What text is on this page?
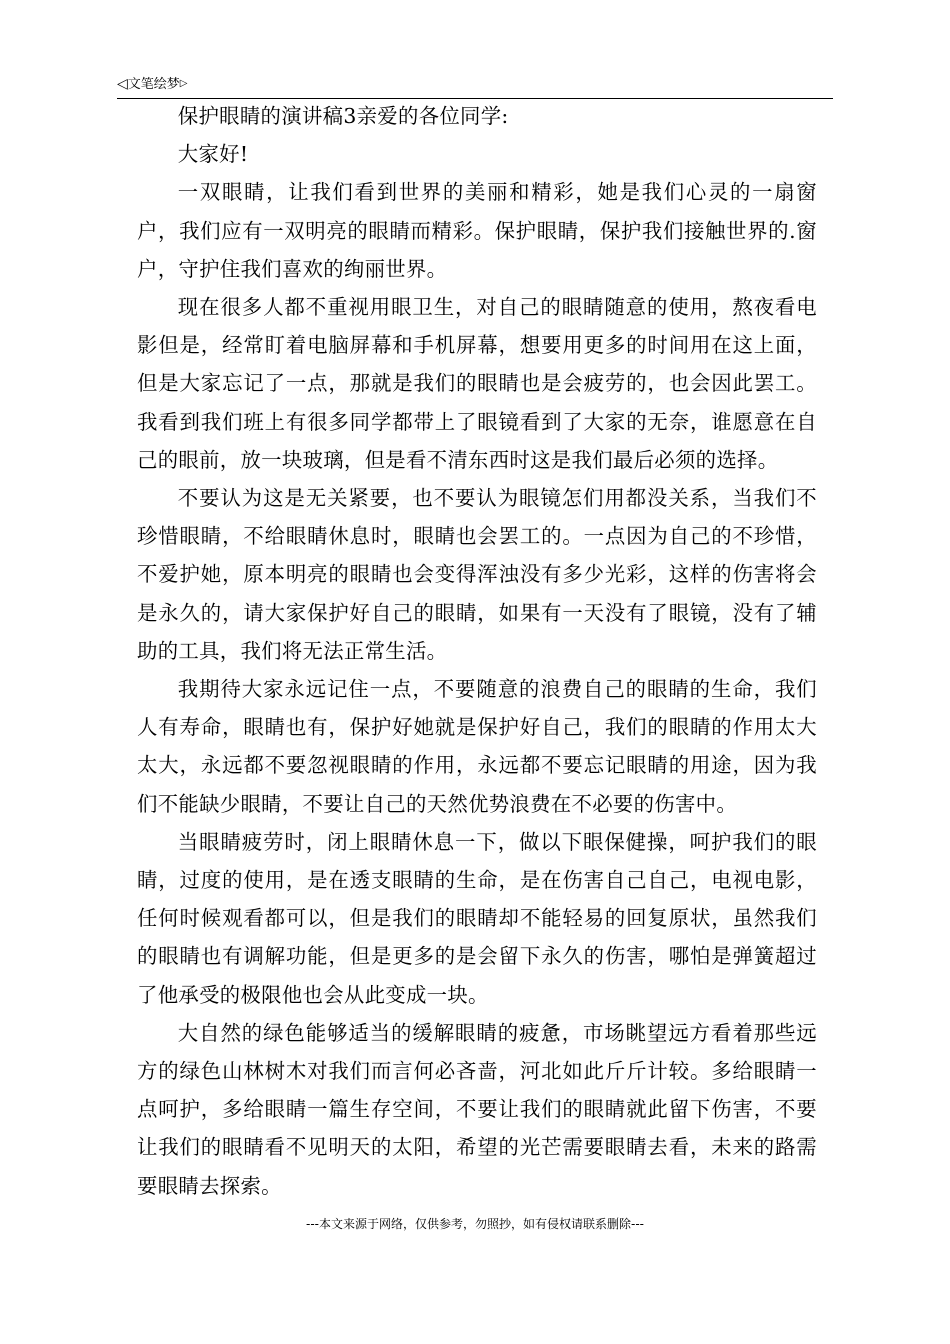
◁文笔绘梦▷

保护眼睛的演讲稿3亲爱的各位同学:

大家好!

一双眼睛，让我们看到世界的美丽和精彩，她是我们心灵的一扇窗户，我们应有一双明亮的眼睛而精彩。保护眼睛，保护我们接触世界的.窗户，守护住我们喜欢的绚丽世界。

现在很多人都不重视用眼卫生，对自己的眼睛随意的使用，熬夜看电影但是，经常盯着电脑屏幕和手机屏幕，想要用更多的时间用在这上面，但是大家忘记了一点，那就是我们的眼睛也是会疲劳的，也会因此罢工。我看到我们班上有很多同学都带上了眼镜看到了大家的无奈，谁愿意在自己的眼前，放一块玻璃，但是看不清东西时这是我们最后必须的选择。

不要认为这是无关紧要，也不要认为眼镜怎们用都没关系，当我们不珍惜眼睛，不给眼睛休息时，眼睛也会罢工的。一点因为自己的不珍惜，不爱护她，原本明亮的眼睛也会变得浑浊没有多少光彩，这样的伤害将会是永久的，请大家保护好自己的眼睛，如果有一天没有了眼镜，没有了辅助的工具，我们将无法正常生活。

我期待大家永远记住一点，不要随意的浪费自己的眼睛的生命，我们人有寿命，眼睛也有，保护好她就是保护好自己，我们的眼睛的作用太大太大，永远都不要忽视眼睛的作用，永远都不要忘记眼睛的用途，因为我们不能缺少眼睛，不要让自己的天然优势浪费在不必要的伤害中。

当眼睛疲劳时，闭上眼睛休息一下，做以下眼保健操，呵护我们的眼睛，过度的使用，是在透支眼睛的生命，是在伤害自己自己，电视电影，任何时候观看都可以，但是我们的眼睛却不能轻易的回复原状，虽然我们的眼睛也有调解功能，但是更多的是会留下永久的伤害，哪怕是弹簧超过了他承受的极限他也会从此变成一块。

大自然的绿色能够适当的缓解眼睛的疲惫，市场眺望远方看着那些远方的绿色山林树木对我们而言何必吝啬，河北如此斤斤计较。多给眼睛一点呵护，多给眼睛一篇生存空间，不要让我们的眼睛就此留下伤害，不要让我们的眼睛看不见明天的太阳，希望的光芒需要眼睛去看，未来的路需要眼睛去探索。

---本文来源于网络，仅供参考，勿照抄，如有侵权请联系删除---
